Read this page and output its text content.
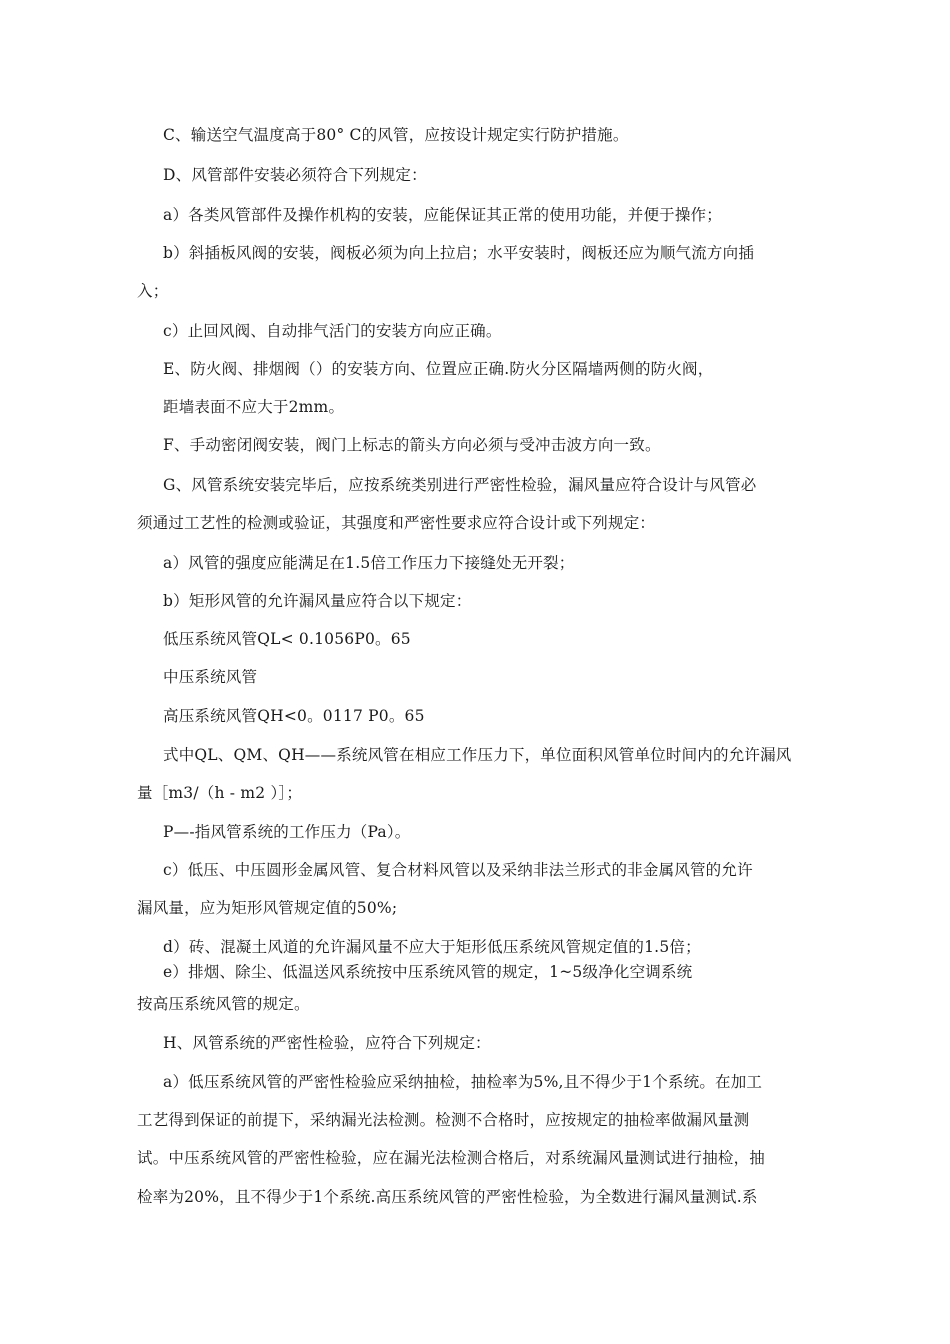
C、输送空气温度高于80° C的风管，应按设计规定实行防护措施。
D、风管部件安装必须符合下列规定：
a）各类风管部件及操作机构的安装，应能保证其正常的使用功能，并便于操作；
b）斜插板风阀的安装，阀板必须为向上拉启；水平安装时，阀板还应为顺气流方向插
入；
c）止回风阀、自动排气活门的安装方向应正确。
E、防火阀、排烟阀（）的安装方向、位置应正确.防火分区隔墙两侧的防火阀，
距墙表面不应大于2mm。
F、手动密闭阀安装，阀门上标志的箭头方向必须与受冲击波方向一致。
G、风管系统安装完毕后，应按系统类别进行严密性检验，漏风量应符合设计与风管必
须通过工艺性的检测或验证，其强度和严密性要求应符合设计或下列规定：
a）风管的强度应能满足在1.5倍工作压力下接缝处无开裂；
b）矩形风管的允许漏风量应符合以下规定：
低压系统风管QL< 0.1056P0。65
中压系统风管
高压系统风管QH<0。0117 P0。65
式中QL、QM、QH——系统风管在相应工作压力下，单位面积风管单位时间内的允许漏风
量［m3/（h - m2 ）］；
P—-指风管系统的工作压力（Pa）。
c）低压、中压圆形金属风管、复合材料风管以及采纳非法兰形式的非金属风管的允许
漏风量，应为矩形风管规定值的50%;
d）砖、混凝土风道的允许漏风量不应大于矩形低压系统风管规定值的1.5倍；
e）排烟、除尘、低温送风系统按中压系统风管的规定，1~5级净化空调系统
按高压系统风管的规定。
H、风管系统的严密性检验，应符合下列规定：
a）低压系统风管的严密性检验应采纳抽检，抽检率为5%,且不得少于1个系统。在加工
工艺得到保证的前提下，采纳漏光法检测。检测不合格时，应按规定的抽检率做漏风量测
试。中压系统风管的严密性检验，应在漏光法检测合格后，对系统漏风量测试进行抽检，抽
检率为20%，且不得少于1个系统.高压系统风管的严密性检验，为全数进行漏风量测试.系
